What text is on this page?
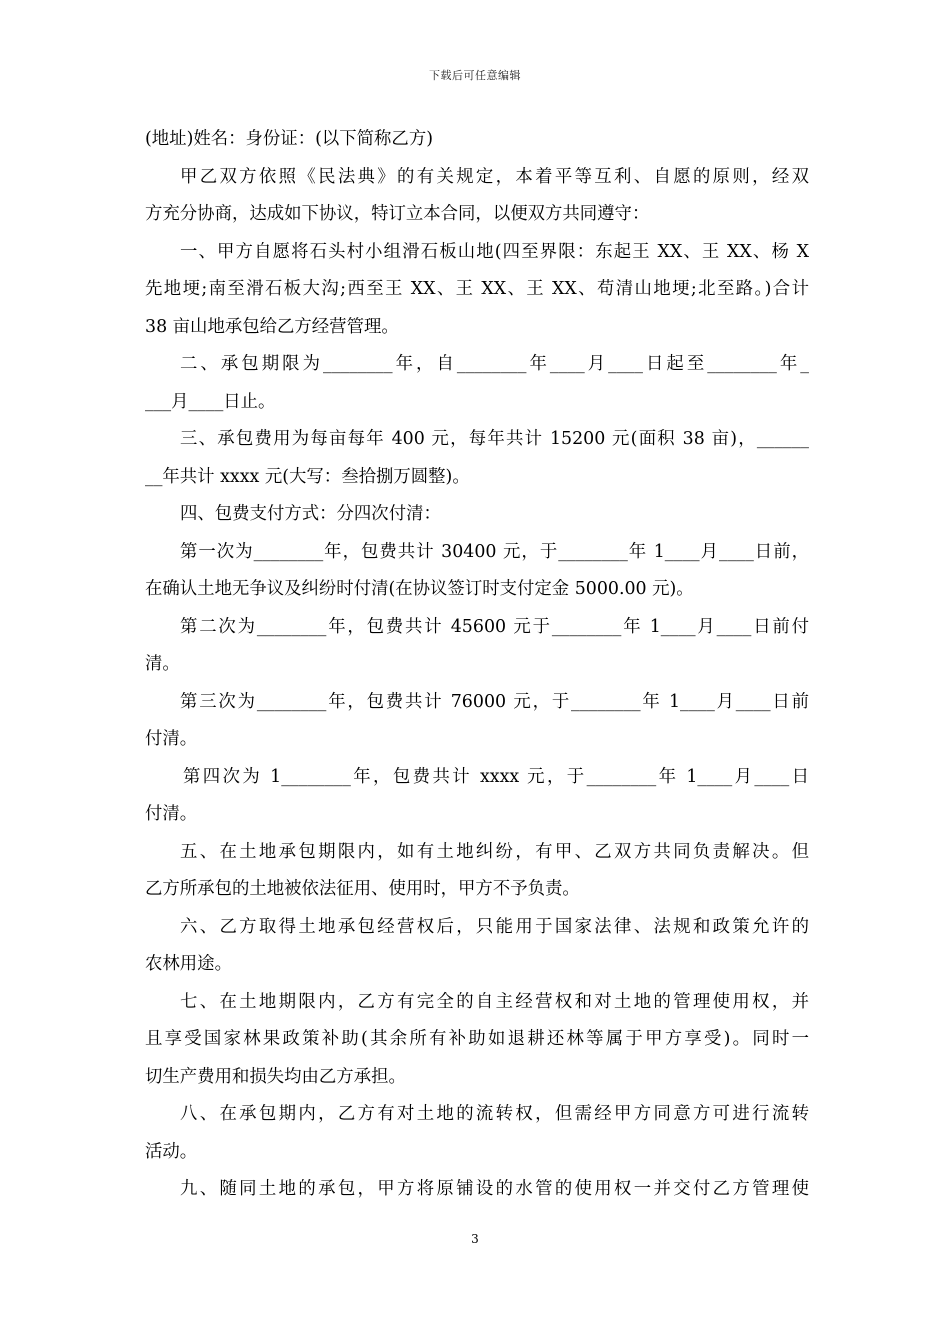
下载后可任意编辑
(地址)姓名：身份证：(以下简称乙方)
甲乙双方依照《民法典》的有关规定，本着平等互利、自愿的原则，经双
方充分协商，达成如下协议，特订立本合同，以便双方共同遵守：
一、甲方自愿将石头村小组滑石板山地(四至界限：东起王 XX、王 XX、杨 X
先地埂;南至滑石板大沟;西至王 XX、王 XX、王 XX、苟清山地埂;北至路。)合计
38 亩山地承包给乙方经营管理。
二、承包期限为________年，自________年____月____日起至________年_
___月____日止。
三、承包费用为每亩每年 400 元，每年共计 15200 元(面积 38 亩)，______
__年共计 xxxx 元(大写：叁拾捌万圆整)。
四、包费支付方式：分四次付清：
第一次为________年，包费共计 30400 元，于________年 1____月____日前，
在确认土地无争议及纠纷时付清(在协议签订时支付定金 5000.00 元)。
第二次为________年，包费共计 45600 元于________年 1____月____日前付
清。
第三次为________年，包费共计 76000 元，于________年 1____月____日前
付清。
第四次为 1________年，包费共计 xxxx 元，于________年 1____月____日
付清。
五、在土地承包期限内，如有土地纠纷，有甲、乙双方共同负责解决。但
乙方所承包的土地被依法征用、使用时，甲方不予负责。
六、乙方取得土地承包经营权后，只能用于国家法律、法规和政策允许的
农林用途。
七、在土地期限内，乙方有完全的自主经营权和对土地的管理使用权，并
且享受国家林果政策补助(其余所有补助如退耕还林等属于甲方享受)。同时一
切生产费用和损失均由乙方承担。
八、在承包期内，乙方有对土地的流转权，但需经甲方同意方可进行流转
活动。
九、随同土地的承包，甲方将原铺设的水管的使用权一并交付乙方管理使
3
